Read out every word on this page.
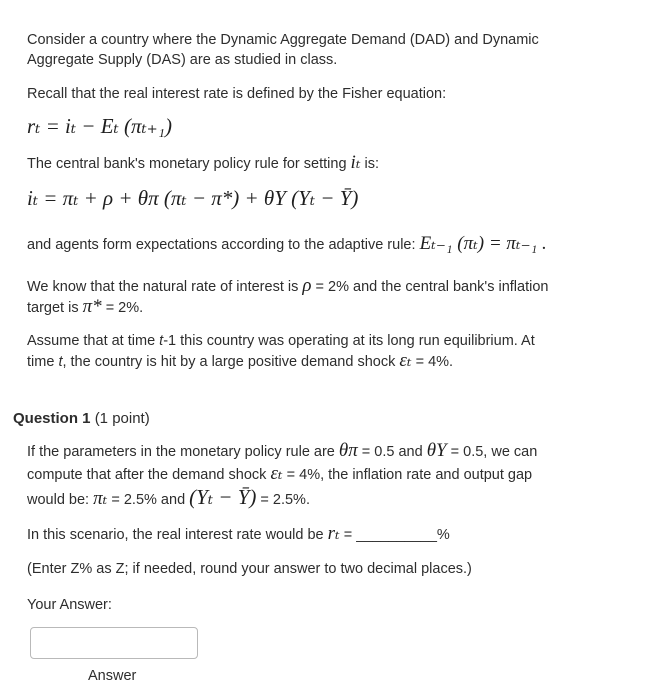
Consider a country where the Dynamic Aggregate Demand (DAD) and Dynamic
Aggregate Supply (DAS) are as studied in class.
Recall that the real interest rate is defined by the Fisher equation:
rₜ = iₜ − Eₜ (πₜ₊₁)
The central bank's monetary policy rule for setting iₜ is:
iₜ = πₜ + ρ + θπ (πₜ − π*) + θY (Yₜ − Ȳ)
and agents form expectations according to the adaptive rule: Eₜ₋₁ (πₜ) = πₜ₋₁ .
We know that the natural rate of interest is ρ = 2% and the central bank's inflation
target is π* = 2%.
Assume that at time t-1 this country was operating at its long run equilibrium. At
time t, the country is hit by a large positive demand shock εₜ = 4%.
Question 1 (1 point)
If the parameters in the monetary policy rule are θπ = 0.5 and θY = 0.5, we can
compute that after the demand shock εₜ = 4%, the inflation rate and output gap
would be: πₜ = 2.5% and (Yₜ − Ȳ) = 2.5%.
In this scenario, the real interest rate would be rₜ = __________%
(Enter Z% as Z; if needed, round your answer to two decimal places.)
Your Answer:
Answer
